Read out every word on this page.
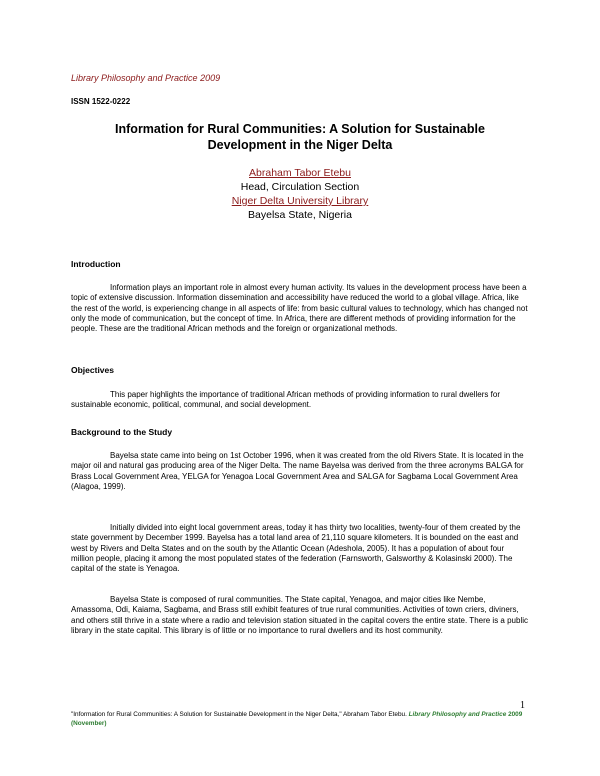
Library Philosophy and Practice 2009
ISSN 1522-0222
Information for Rural Communities: A Solution for Sustainable
Development in the Niger Delta
Abraham Tabor Etebu
Head, Circulation Section
Niger Delta University Library
Bayelsa State, Nigeria
Introduction
Information plays an important role in almost every human activity. Its values in the development process have been a topic of extensive discussion. Information dissemination and accessibility have reduced the world to a global village. Africa, like the rest of the world, is experiencing change in all aspects of life: from basic cultural values to technology, which has changed not only the mode of communication, but the concept of time. In Africa, there are different methods of providing information for the people. These are the traditional African methods and the foreign or organizational methods.
Objectives
This paper highlights the importance of traditional African methods of providing information to rural dwellers for sustainable economic, political, communal, and social development.
Background to the Study
Bayelsa state came into being on 1st October 1996, when it was created from the old Rivers State. It is located in the major oil and natural gas producing area of the Niger Delta. The name Bayelsa was derived from the three acronyms BALGA for Brass Local Government Area, YELGA for Yenagoa Local Government Area and SALGA for Sagbama Local Government Area (Alagoa, 1999).
Initially divided into eight local government areas, today it has thirty two localities, twenty-four of them created by the state government by December 1999. Bayelsa has a total land area of 21,110 square kilometers. It is bounded on the east and west by Rivers and Delta States and on the south by the Atlantic Ocean (Adeshola, 2005). It has a population of about four million people, placing it among the most populated states of the federation (Farnsworth, Galsworthy & Kolasinski 2000). The capital of the state is Yenagoa.
Bayelsa State is composed of rural communities. The State capital, Yenagoa, and major cities like Nembe, Amassoma, Odi, Kaiama, Sagbama, and Brass still exhibit features of true rural communities. Activities of town criers, diviners, and others still thrive in a state where a radio and television station situated in the capital covers the entire state. There is a public library in the state capital. This library is of little or no importance to rural dwellers and its host community.
1
"Information for Rural Communities: A Solution for Sustainable Development in the Niger Delta," Abraham Tabor Etebu. Library Philosophy and Practice 2009 (November)
